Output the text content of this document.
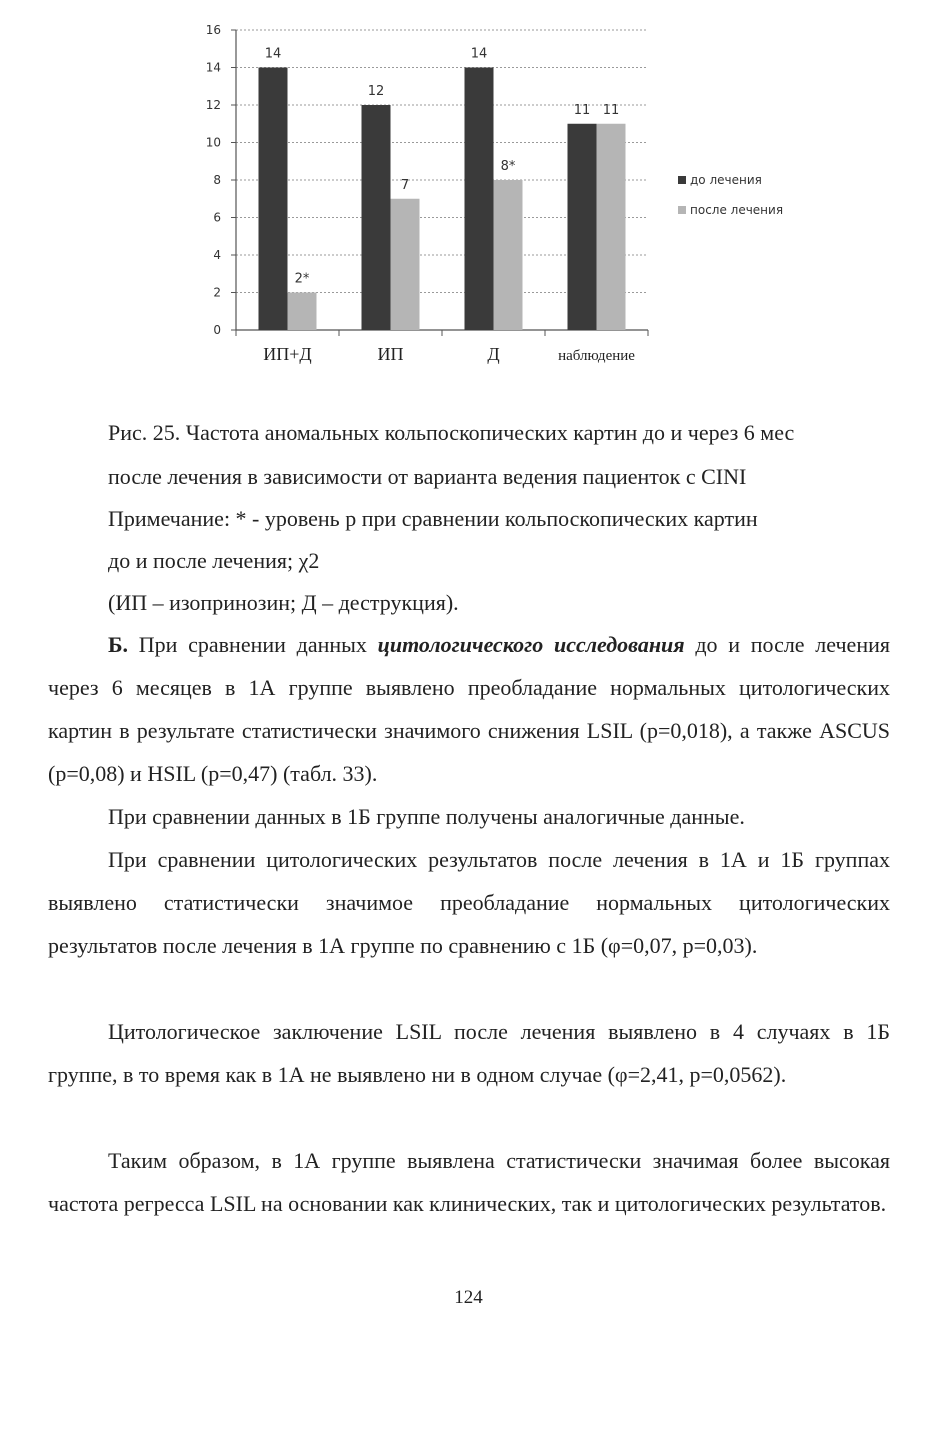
0
2
4
6
8
10
12
14
16
14
2*
ИП+Д
12
7
ИП
14
8*
Д
11 11
наблюдение
до лечения
после лечения
Рис. 25. Частота аномальных кольпоскопических картин до и через 6 мес
после лечения в зависимости от варианта ведения пациенток с CINI
Примечание: * - уровень р при сравнении кольпоскопических картин
до и после лечения; χ2
(ИП – изопринозин; Д – деструкция).

Б. При сравнении данных цитологического исследования до и после лечения через 6 месяцев в 1А группе выявлено преобладание нормальных цитологических картин в результате статистически значимого снижения LSIL (р=0,018), а также ASCUS (р=0,08) и HSIL (р=0,47) (табл. 33).

При сравнении данных в 1Б группе получены аналогичные данные.

При сравнении цитологических результатов после лечения в 1А и 1Б группах выявлено статистически значимое преобладание нормальных цитологических результатов после лечения в 1А группе по сравнению с 1Б (φ=0,07, р=0,03).

Цитологическое заключение LSIL после лечения выявлено в 4 случаях в 1Б группе, в то время как в 1А не выявлено ни в одном случае (φ=2,41, р=0,0562).

Таким образом, в 1А группе выявлена статистически значимая более высокая частота регресса LSIL на основании как клинических, так и цитологических результатов.

124
